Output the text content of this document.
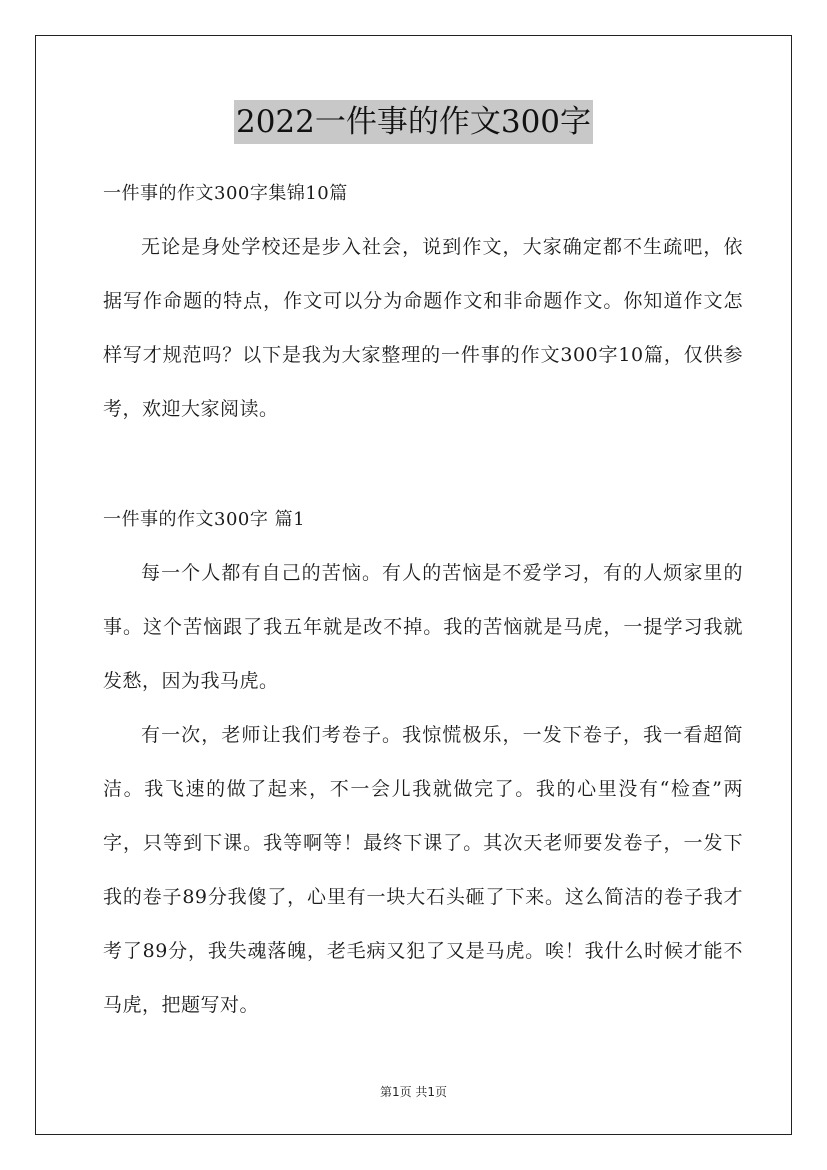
2022一件事的作文300字
一件事的作文300字集锦10篇
无论是身处学校还是步入社会，说到作文，大家确定都不生疏吧，依据写作命题的特点，作文可以分为命题作文和非命题作文。你知道作文怎样写才规范吗？以下是我为大家整理的一件事的作文300字10篇，仅供参考，欢迎大家阅读。
一件事的作文300字 篇1
每一个人都有自己的苦恼。有人的苦恼是不爱学习，有的人烦家里的事。这个苦恼跟了我五年就是改不掉。我的苦恼就是马虎，一提学习我就发愁，因为我马虎。
有一次，老师让我们考卷子。我惊慌极乐，一发下卷子，我一看超简洁。我飞速的做了起来，不一会儿我就做完了。我的心里没有“检查”两字，只等到下课。我等啊等！最终下课了。其次天老师要发卷子，一发下我的卷子89分我傻了，心里有一块大石头砸了下来。这么简洁的卷子我才考了89分，我失魂落魄，老毛病又犯了又是马虎。唉！我什么时候才能不马虎，把题写对。
第1页 共1页
